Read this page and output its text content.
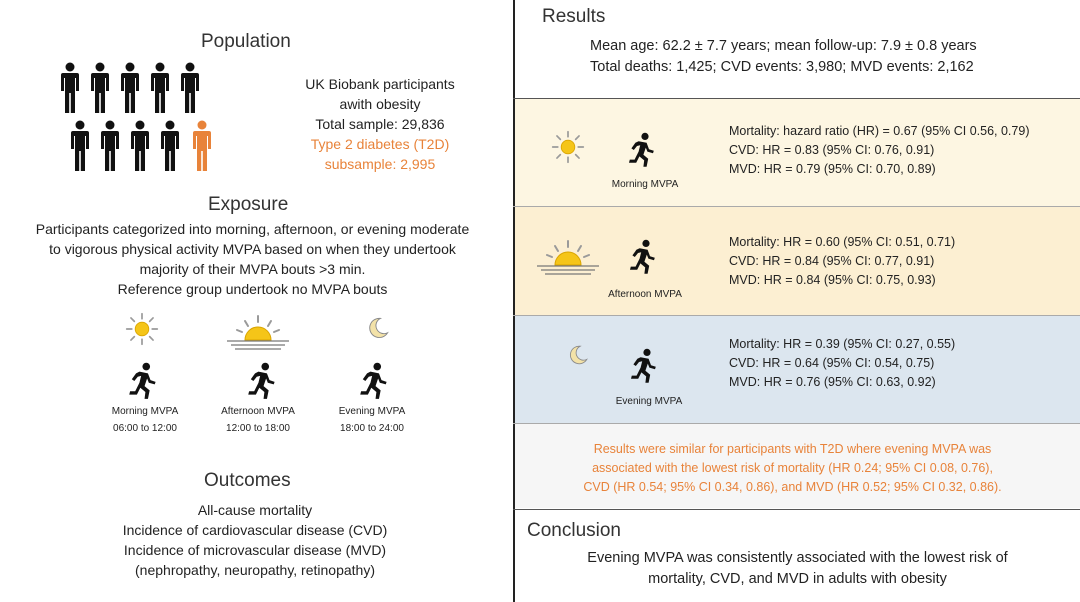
Population
UK Biobank participants
awith obesity
Total sample: 29,836
Type 2 diabetes (T2D)
subsample: 2,995
Exposure
Participants categorized into morning, afternoon, or evening moderate
to vigorous physical activity MVPA based on when they undertook
majority of their MVPA bouts >3 min.
Reference group undertook no MVPA bouts
Morning MVPA
06:00 to 12:00
Afternoon MVPA
12:00 to 18:00
Evening MVPA
18:00 to 24:00
Outcomes
All-cause mortality
Incidence of cardiovascular disease (CVD)
Incidence of microvascular disease (MVD)
(nephropathy, neuropathy, retinopathy)
Results
Mean age: 62.2 ± 7.7 years; mean follow-up: 7.9 ± 0.8 years
Total deaths: 1,425; CVD events: 3,980; MVD events: 2,162
Morning MVPA
Mortality: hazard ratio (HR) = 0.67 (95% CI 0.56, 0.79)
CVD: HR = 0.83 (95% CI: 0.76, 0.91)
MVD: HR = 0.79 (95% CI: 0.70, 0.89)
Afternoon MVPA
Mortality: HR = 0.60 (95% CI: 0.51, 0.71)
CVD: HR = 0.84 (95% CI: 0.77, 0.91)
MVD: HR = 0.84 (95% CI: 0.75, 0.93)
Evening MVPA
Mortality: HR = 0.39 (95% CI: 0.27, 0.55)
CVD: HR = 0.64 (95% CI: 0.54, 0.75)
MVD: HR = 0.76 (95% CI: 0.63, 0.92)
Results were similar for participants with T2D where evening MVPA was
associated with the lowest risk of mortality (HR 0.24; 95% CI 0.08, 0.76),
CVD (HR 0.54; 95% CI 0.34, 0.86), and MVD (HR 0.52; 95% CI 0.32, 0.86).
Conclusion
Evening MVPA was consistently associated with the lowest risk of
mortality, CVD, and MVD in adults with obesity
